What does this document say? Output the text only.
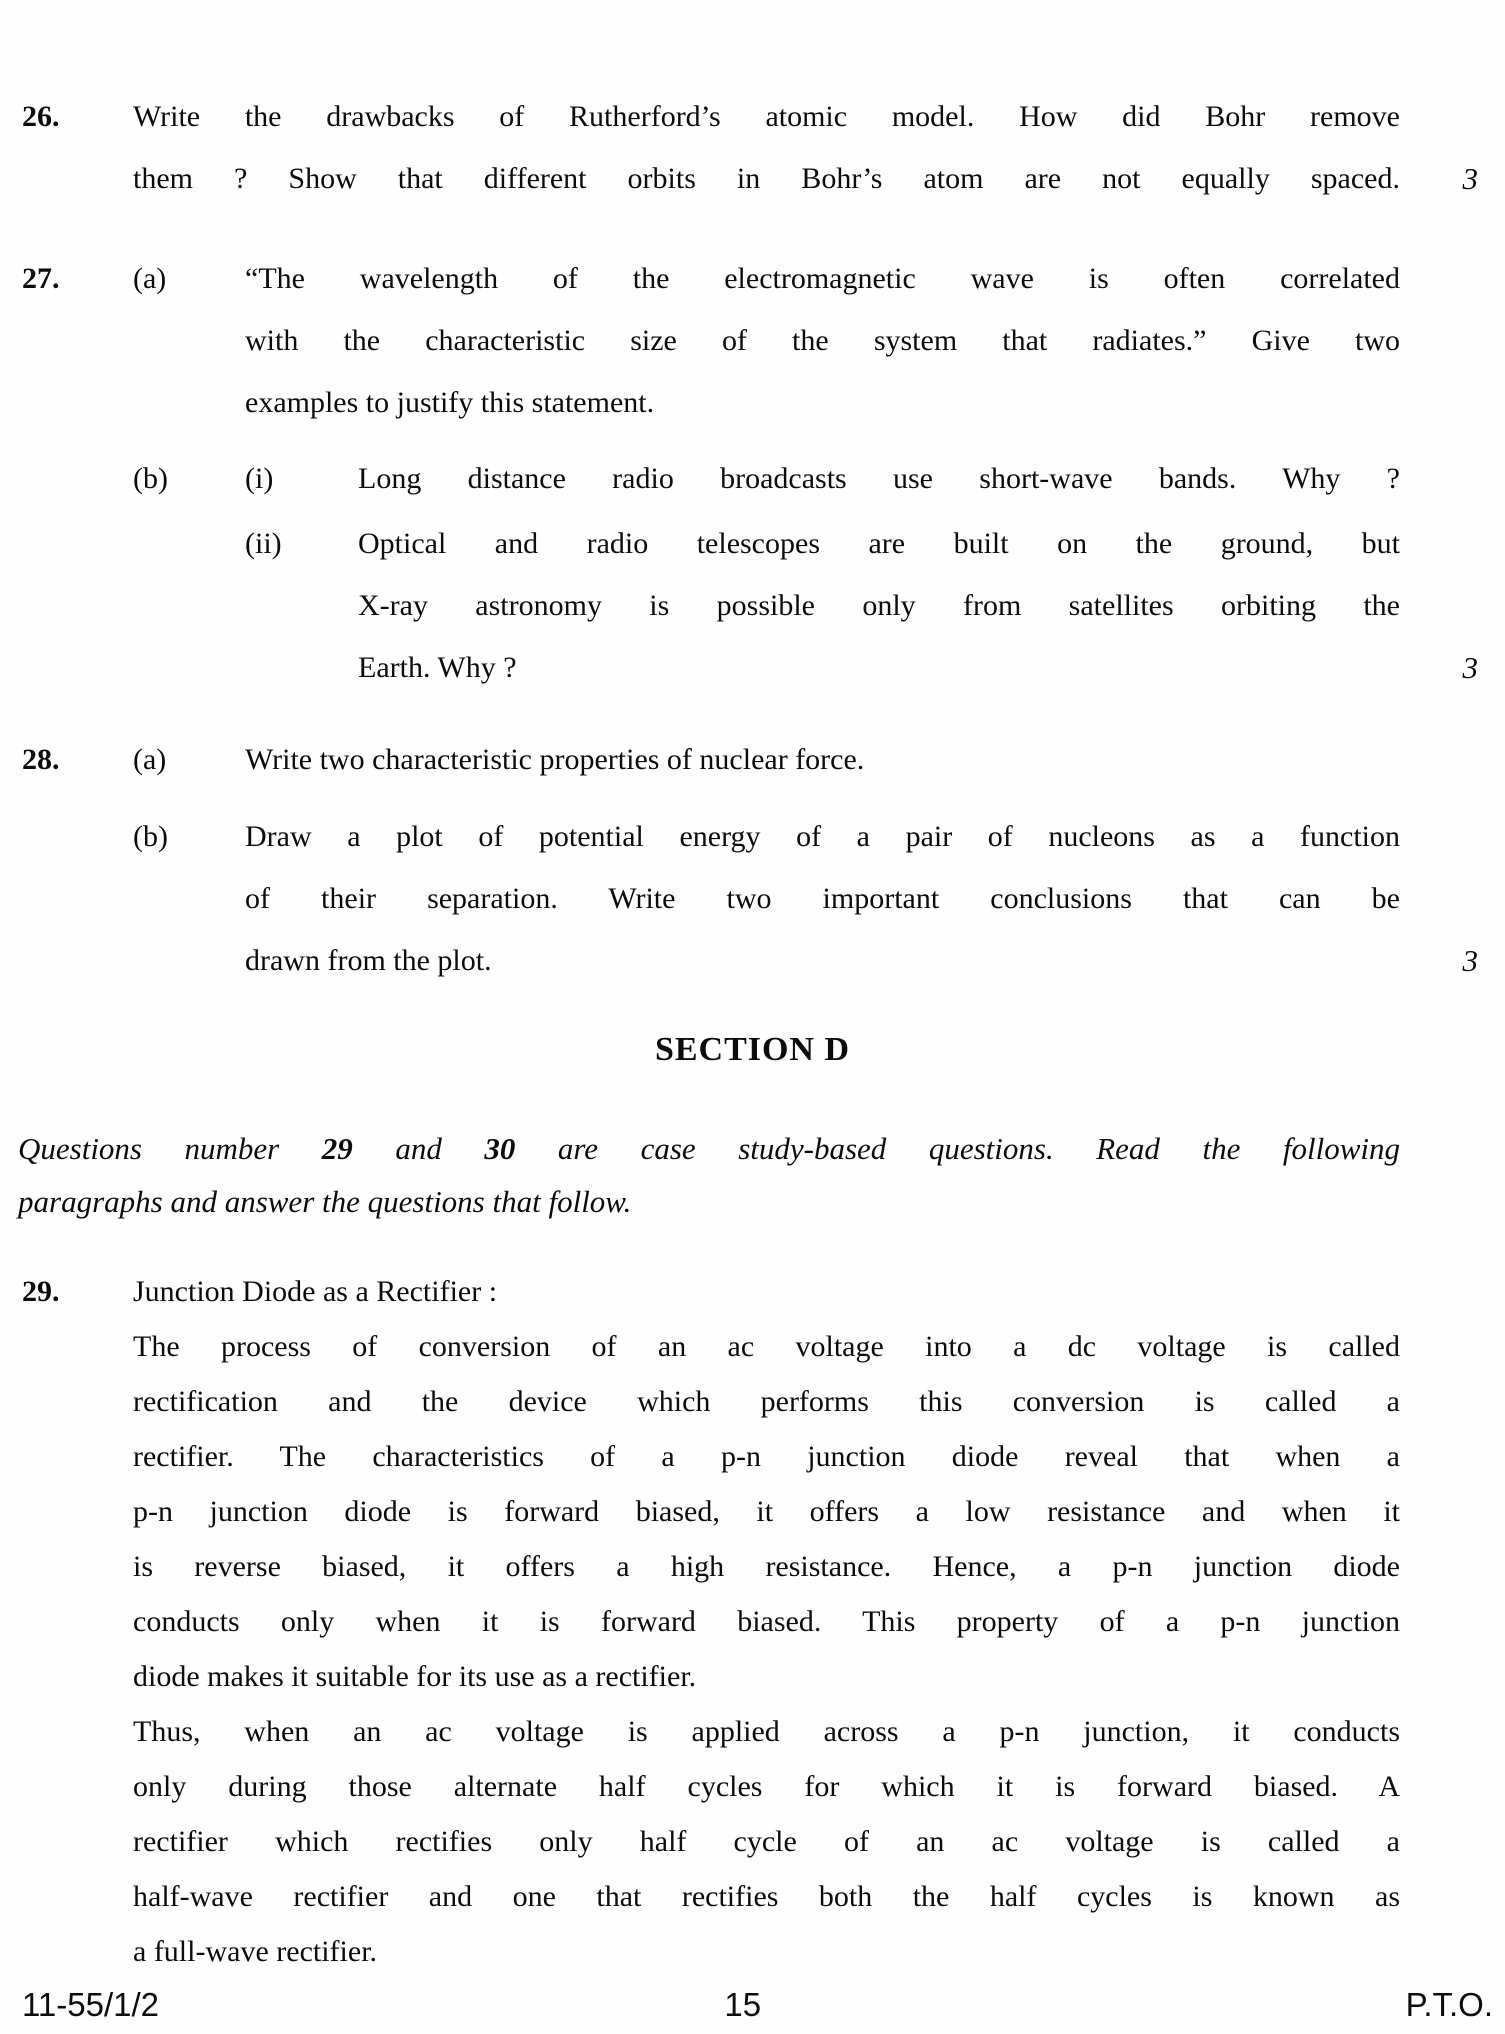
26.	Write the drawbacks of Rutherford’s atomic model. How did Bohr remove
them ? Show that different orbits in Bohr’s atom are not equally spaced.	3
27.	(a)	“The wavelength of the electromagnetic wave is often correlated
with the characteristic size of the system that radiates.” Give two
examples to justify this statement.
(b)	(i)	Long distance radio broadcasts use short-wave bands. Why ?
(ii)	Optical and radio telescopes are built on the ground, but
X-ray astronomy is possible only from satellites orbiting the
Earth. Why ?	3
28.	(a)	Write two characteristic properties of nuclear force.
(b)	Draw a plot of potential energy of a pair of nucleons as a function
of their separation. Write two important conclusions that can be
drawn from the plot.	3
SECTION D
Questions number 29 and 30 are case study-based questions. Read the following
paragraphs and answer the questions that follow.
29.	Junction Diode as a Rectifier :
The process of conversion of an ac voltage into a dc voltage is called
rectification and the device which performs this conversion is called a
rectifier. The characteristics of a p-n junction diode reveal that when a
p-n junction diode is forward biased, it offers a low resistance and when it
is reverse biased, it offers a high resistance. Hence, a p-n junction diode
conducts only when it is forward biased. This property of a p-n junction
diode makes it suitable for its use as a rectifier.
Thus, when an ac voltage is applied across a p-n junction, it conducts
only during those alternate half cycles for which it is forward biased. A
rectifier which rectifies only half cycle of an ac voltage is called a
half-wave rectifier and one that rectifies both the half cycles is known as
a full-wave rectifier.
11-55/1/2	15	P.T.O.
